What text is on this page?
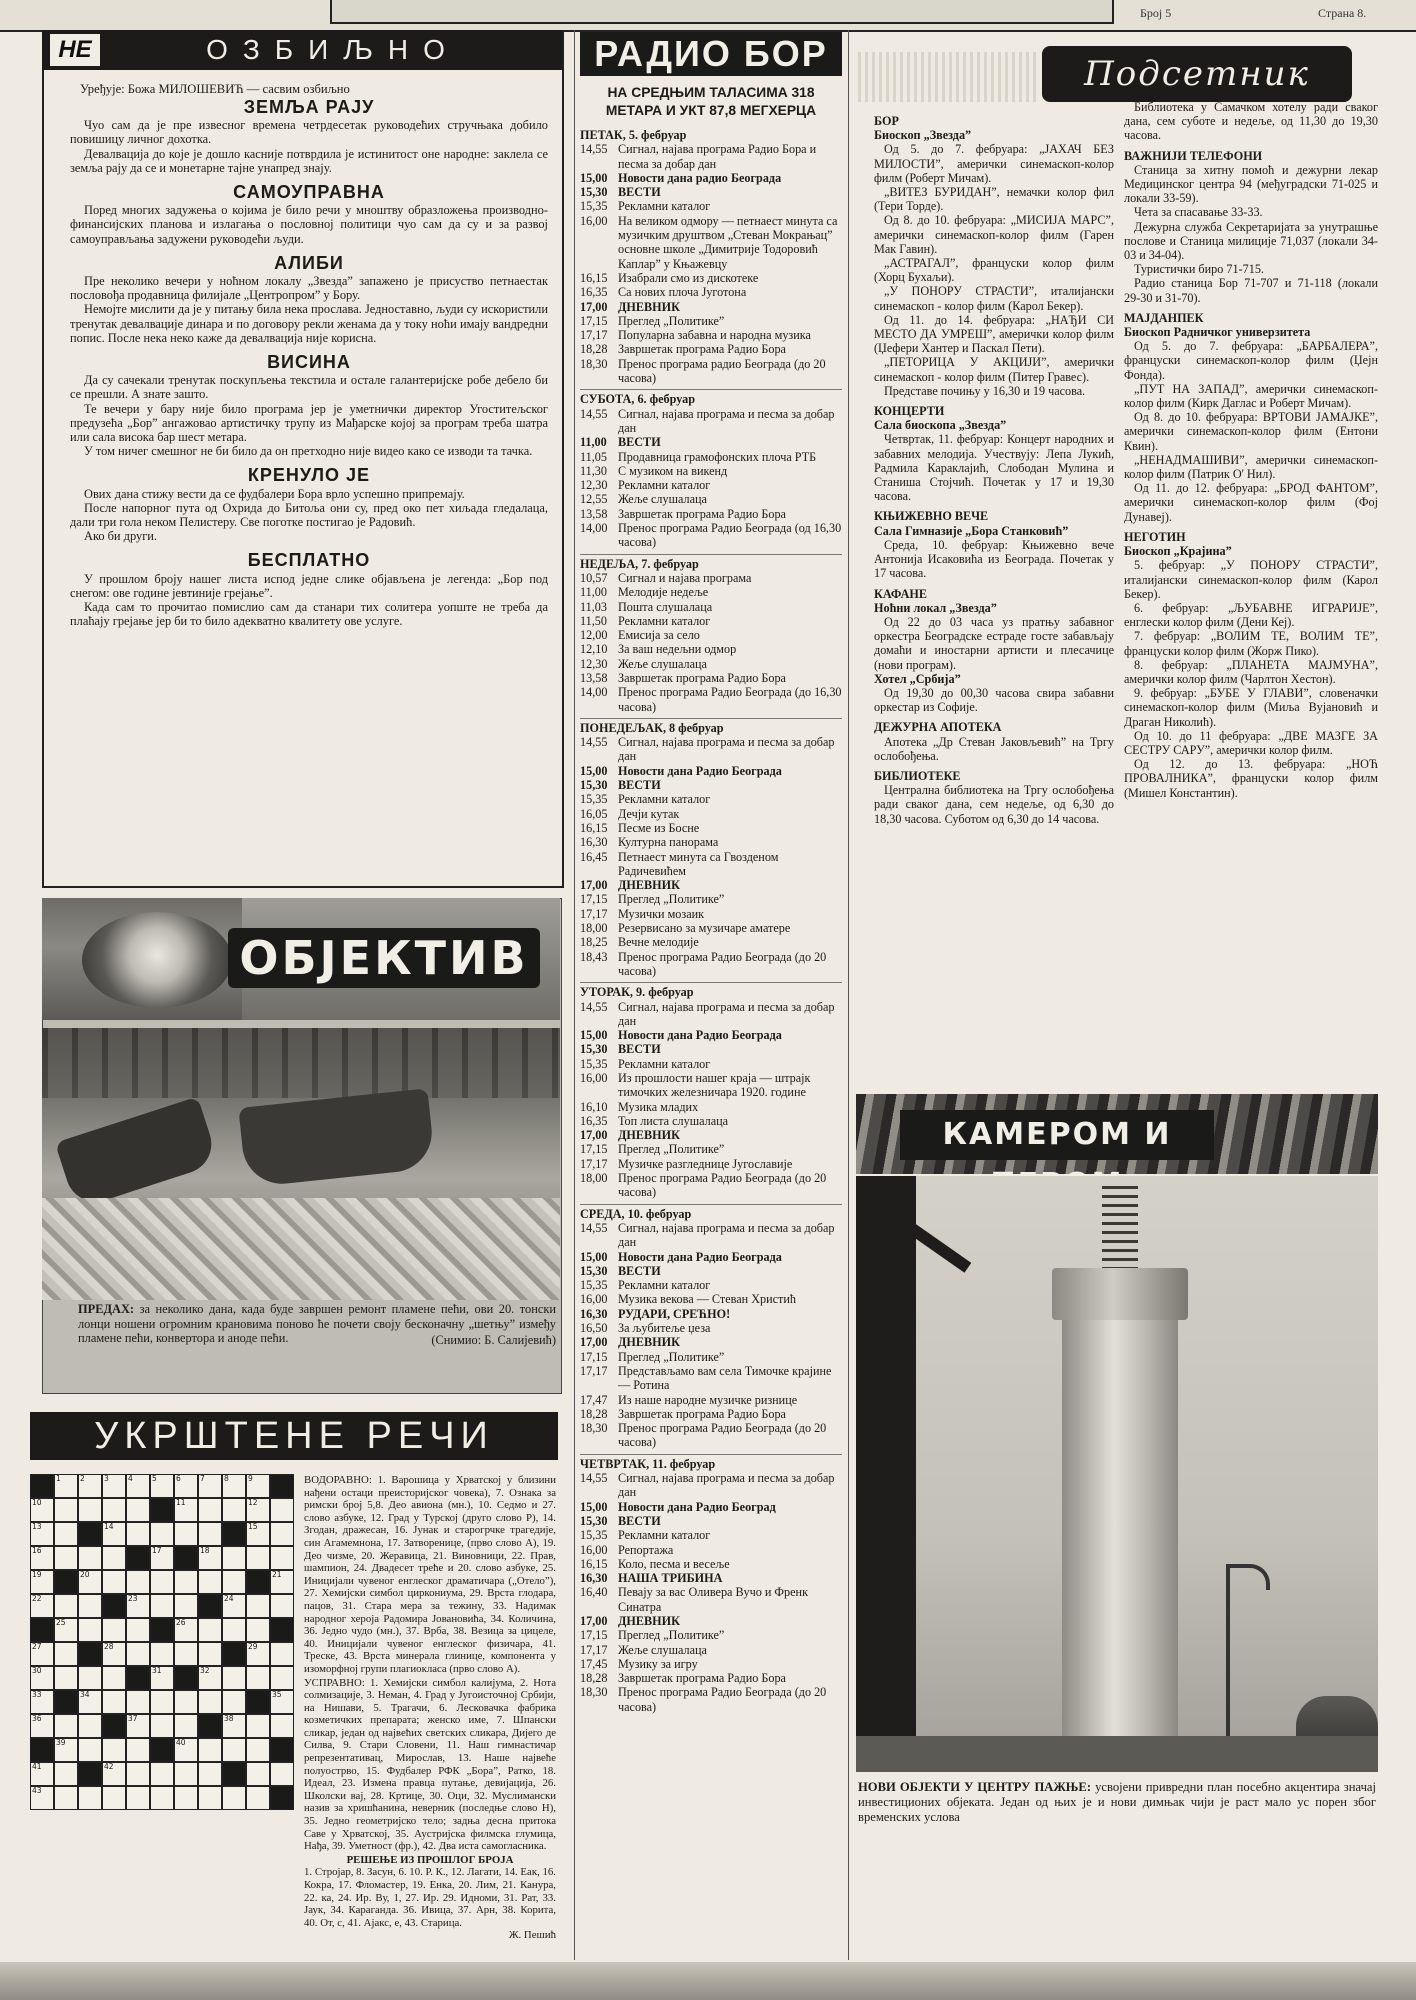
Број 5	Страна 8.
НЕ	ОЗБИЉНО
Уређује: Божа МИЛОШЕВИЋ — сасвим озбиљно
ЗЕМЉА РАЈУ

Чуо сам да је пре извесног времена четрдесетак руководећих стручњака добило повишицу личног дохотка.

Девалвација до које је дошло касније потврдила је истинитост оне народне: заклела се земља рају да се и монетарне тајне унапред знају.

САМОУПРАВНА

Поред многих задужења о којима је било речи у мноштву образложења производно-финансијских планова и излагања о пословној политици чуо сам да су и за развој самоуправљања задужени руководећи људи.

АЛИБИ

Пре неколико вечери у ноћном локалу „Звезда” запажено је присуство петнаестак пословођа продавница филијале „Центропром” у Бору.

Немојте мислити да је у питању била нека прослава. Једноставно, људи су искористили тренутак девалвације динара и по договору рекли женама да у току ноћи имају вандредни попис. После нека неко каже да девалвација није корисна.

ВИСИНА

Да су сачекали тренутак поскупљења текстила и остале галантеријске робе дебело би се прешли. А знате зашто.

Те вечери у бару није било програма јер је уметнички директор Угоститељског предузећа „Бор” ангажовао артистичку трупу из Мађарске којој за програм треба шатра или сала висока бар шест метара.

У том ничег смешног не би било да он претходно није видео како се изводи та тачка.

КРЕНУЛО ЈЕ

Ових дана стижу вести да се фудбалери Бора врло успешно припремају.

После напорног пута од Охрида до Битоља они су, пред око пет хиљада гледалаца, дали три гола неком Пелистеру. Све поготке постигао је Радовић.

Ако би други.

БЕСПЛАТНО

У прошлом броју нашег листа испод једне слике објављена је легенда: „Бор под снегом: ове године јевтиније грејање”.

Када сам то прочитао помислио сам да станари тих солитера уопште не треба да плаћају грејање јер би то било адекватно квалитету ове услуге.

ОБЈЕКТИВ
ПРЕДАХ: за неколико дана, када буде завршен ремонт пламене пећи, ови 20. тонски лонци ношени огромним крановима поново ће почети своју бесконачну „шетњу” између пламене пећи, конвертора и аноде пећи.	(Снимио: Б. Салијевић)
УКРШТЕНЕ РЕЧИ
1	2	3	4	5	6	7	8	9
10	11	12
13	14	15
16	17	18
19	20	21
22	23	24
25	26
27	28	29
30	31	32
33	34	35
36	37	38
39	40
41	42
43
ВОДОРАВНО: 1. Варошица у Хрватској у близини нађени остаци преисторијског човека), 7. Ознака за римски број 5,8. Део авиона (мн.), 10. Седмо и 27. слово азбуке, 12. Град у Турској (друго слово Р), 14. Згодан, дражесан, 16. Јунак и старогрчке трагедије, син Агамемнона, 17. Затворенице, (прво слово А), 19. Део чизме, 20. Жеравица, 21. Виновници, 22. Прав, шампион, 24. Двадесет треће и 20. слово азбуке, 25. Иницијали чувеног енглеског драматичара („Отело”), 27. Хемијски симбол циркониума, 29. Врста глодара, пацов, 31. Стара мера за тежину, 33. Надимак народног хероја Радомира Јовановића, 34. Количина, 36. Једно чудо (мн.), 37. Врба, 38. Везица за цицеле, 40. Иницијали чувеног енглеског физичара, 41. Треске, 43. Врста минерала глинице, компонента у изоморфној групи плагиокласа (прво слово А).
УСПРАВНО: 1. Хемијски симбол калијума, 2. Нота солмизације, 3. Неман, 4. Град у Југоисточној Србији, на Нишави, 5. Трагачи, 6. Лесковачка фабрика козметичких препарата; женско име, 7. Шпански сликар, један од највећих светских сликара, Дијего де Силва, 9. Стари Словени, 11. Наш гимнастичар репрезентативац, Мирослав, 13. Наше највеће полуострво, 15. Фудбалер РФК „Бора”, Ратко, 18. Идеал, 23. Измена правца путање, девијација, 26. Школски вај, 28. Кртице, 30. Оци, 32. Муслимански назив за хришћанина, неверник (последње слово Н), 35. Једно геометријско тело; задња десна притока Саве у Хрватској, 35. Аустријска филмска глумица, Нађа, 39. Уметност (фр.), 42. Два иста самогласника.
РЕШЕЊЕ ИЗ ПРОШЛОГ БРОЈА
1. Стројар, 8. Засун, 6. 10. Р. К., 12. Лагати, 14. Еак, 16. Кокра, 17. Фломастер, 19. Енка, 20. Лим, 21. Канура, 22. ка, 24. Ир. Ву, 1, 27. Ир. 29. Идноми, 31. Рат, 33. Јаук, 34. Караганда. 36. Ивица, 37. Арн, 38. Корита, 40. От, с, 41. Ајакс, е, 43. Старица.
Ж. Пешић
РАДИО БОР
НА СРЕДЊИМ ТАЛАСИМА 318 МЕТАРА И УКТ 87,8 МЕГХЕРЦА

ПЕТАК, 5. фебруар

14,55 Сигнал, најава програма Радио Бора и песма за добар дан

15,00 Новости дана радио Београда

15,30 ВЕСТИ

15,35 Рекламни каталог

16,00 На великом одмору — петнаест минута са музичким друштвом „Стеван Мокрањац” основне школе „Димитрије Тодоровић Каплар” у Књажевцу

16,15 Изабрали смо из дискотеке

16,35 Са нових плоча Југотона

17,00 ДНЕВНИК

17,15 Преглед „Политике”

17,17 Популарна забавна и народна музика

18,28 Завршетак програма Радио Бора

18,30 Пренос програма радио Београда (до 20 часова)

СУБОТА, 6. фебруар

14,55 Сигнал, најава програма и песма за добар дан

11,00 ВЕСТИ

11,05 Продавница грамофонских плоча РТБ

11,30 С музиком на викенд

12,30 Рекламни каталог

12,55 Жеље слушалаца

13,58 Завршетак програма Радио Бора

14,00 Пренос програма Радио Београда (од 16,30 часова)

НЕДЕЉА, 7. фебруар

10,57 Сигнал и најава програма

11,00 Мелодије недеље

11,03 Пошта слушалаца

11,50 Рекламни каталог

12,00 Емисија за село

12,10 За ваш недељни одмор

12,30 Жеље слушалаца

13,58 Завршетак програма Радио Бора

14,00 Пренос програма Радио Београда (до 16,30 часова)

ПОНЕДЕЉАК, 8 фебруар

14,55 Сигнал, најава програма и песма за добар дан

15,00 Новости дана Радио Београда

15,30 ВЕСТИ

15,35 Рекламни каталог

16,05 Дечји кутак

16,15 Песме из Босне

16,30 Културна панорама

16,45 Петнаест минута са Гвозденом Радичевићем

17,00 ДНЕВНИК

17,15 Преглед „Политике”

17,17 Музички мозаик

18,00 Резервисано за музичаре аматере

18,25 Вечне мелодије

18,43 Пренос програма Радио Београда (до 20 часова)

УТОРАК, 9. фебруар

14,55 Сигнал, најава програма и песма за добар дан

15,00 Новости дана Радио Београда

15,30 ВЕСТИ

15,35 Рекламни каталог

16,00 Из прошлости нашег краја — штрајк тимочких железничара 1920. године

16,10 Музика младих

16,35 Топ листа слушалаца

17,00 ДНЕВНИК

17,15 Преглед „Политике”

17,17 Музичке разгледнице Југославије

18,00 Пренос програма Радио Београда (до 20 часова)

СРЕДА, 10. фебруар

14,55 Сигнал, најава програма и песма за добар дан

15,00 Новости дана Радио Београда

15,30 ВЕСТИ

15,35 Рекламни каталог

16,00 Музика векова — Стеван Христић

16,30 РУДАРИ, СРЕЋНО!

16,50 За љубитеље џеза

17,00 ДНЕВНИК

17,15 Преглед „Политике”

17,17 Представљамо вам села Тимочке крајине — Ротина

17,47 Из наше народне музичке ризнице

18,28 Завршетак програма Радио Бора

18,30 Пренос програма Радио Београда (до 20 часова)

ЧЕТВРТАК, 11. фебруар

14,55 Сигнал, најава програма и песма за добар дан

15,00 Новости дана Радио Београд

15,30 ВЕСТИ

15,35 Рекламни каталог

16,00 Репортажа

16,15 Коло, песма и весеље

16,30 НАША ТРИБИНА

16,40 Певају за вас Оливера Вучо и Френк Синатра

17,00 ДНЕВНИК

17,15 Преглед „Политике”

17,17 Жеље слушалаца

17,45 Музику за игру

18,28 Завршетак програма Радио Бора

18,30 Пренос програма Радио Београда (до 20 часова)

Подсетник

БОР

Биоскоп „Звезда”

Од 5. до 7. фебруара: „ЈАХАЧ БЕЗ МИЛОСТИ”, амерички синемаскоп-колор филм (Роберт Мичам).

„ВИТЕЗ БУРИДАН”, немачки колор фил (Тери Торде).

Од 8. до 10. фебруара: „МИСИЈА МАРС”, амерички синемаскоп-колор филм (Гарен Мак Гавин).

„АСТРАГАЛ”, француски колор филм (Хорц Бухаљи).

„У ПОНОРУ СТРАСТИ”, италијански синемаскоп - колор филм (Карол Бекер).

Од 11. до 14. фебруара: „НАЂИ СИ МЕСТО ДА УМРЕШ”, амерички колор филм (Џефери Хантер и Паскал Пети).

„ПЕТОРИЦА У АКЦИЈИ”, амерички синемаскоп - колор филм (Питер Гравес).

Представе почињу у 16,30 и 19 часова.

КОНЦЕРТИ

Сала биоскопа „Звезда”

Четвртак, 11. фебруар: Концерт народних и забавних мелодија. Учествују: Лепа Лукић, Радмила Караклајић, Слободан Мулина и Станиша Стојчић. Почетак у 17 и 19,30 часова.

КЊИЖЕВНО ВЕЧЕ

Сала Гимназије „Бора Станковић”

Среда, 10. фебруар: Књижевно вече Антонија Исаковића из Београда. Почетак у 17 часова.

КАФАНЕ

Ноћни локал „Звезда”

Од 22 до 03 часа уз пратњу забавног оркестра Београдске естраде госте забављају домаћи и иностарни артисти и плесачице (нови програм).

Хотел „Србија”

Од 19,30 до 00,30 часова свира забавни оркестар из Софије.

ДЕЖУРНА АПОТЕКА

Апотека „Др Стеван Јаковљевић” на Тргу ослобођења.

БИБЛИОТЕКЕ

Централна библиотека на Тргу ослобођења ради сваког дана, сем недеље, од 6,30 до 18,30 часова. Суботом од 6,30 до 14 часова.

Библиотека у Самачком хотелу ради сваког дана, сем суботе и недеље, од 11,30 до 19,30 часова.

ВАЖНИЈИ ТЕЛЕФОНИ

Станица за хитну помоћ и дежурни лекар Медицинског центра 94 (међуградски 71-025 и локали 33-59).

Чета за спасавање 33-33.

Дежурна служба Секретаријата за унутрашње послове и Станица милиције 71,037 (локали 34-03 и 34-04).

Туристички биро 71-715.

Радио станица Бор 71-707 и 71-118 (локали 29-30 и 31-70).

МАЈДАНПЕК

Биоскоп Радничког универзитета

Од 5. до 7. фебруара: „БАРБАЛЕРА”, француски синемаскоп-колор филм (Џејн Фонда).

„ПУТ НА ЗАПАД”, амерички синемаскоп-колор филм (Кирк Даглас и Роберт Мичам).

Од 8. до 10. фебруара: ВРТОВИ ЈАМАЈКЕ”, амерички синемаскоп-колор филм (Ентони Квин).

„НЕНАДМАШИВИ”, амерички синемаскоп-колор филм (Патрик О' Нил).

Од 11. до 12. фебруара: „БРОД ФАНТОМ”, амерички синемаскоп-колор филм (Фој Дунавеј).

НЕГОТИН

Биоскоп „Крајина”

5. фебруар: „У ПОНОРУ СТРАСТИ”, италијански синемаскоп-колор филм (Карол Бекер).

6. фебруар: „ЉУБАВНЕ ИГРАРИЈЕ”, енглески колор филм (Дени Кеј).

7. фебруар: „ВОЛИМ ТЕ, ВОЛИМ ТЕ”, француски колор филм (Жорж Пико).

8. фебруар: „ПЛАНЕТА МАЈМУНА”, амерички колор филм (Чарлтон Хестон).

9. фебруар: „БУБЕ У ГЛАВИ”, словеначки синемаскоп-колор филм (Миља Вујановић и Драган Николић).

Од 10. до 11 фебруара: „ДВЕ МАЗГЕ ЗА СЕСТРУ САРУ”, амерички колор филм.

Од 12. до 13. фебруара: „НОЋ ПРОВАЛНИКА”, француски колор филм (Мишел Константин).

КАМЕРОМ И
НОВИ ОБЈЕКТИ У ЦЕНТРУ ПАЖЊЕ: усвојени привредни план посебно акцентира значај инвестиционих објеката. Један од њих је и нови димњак чији је раст мало ус порен због временских услова
